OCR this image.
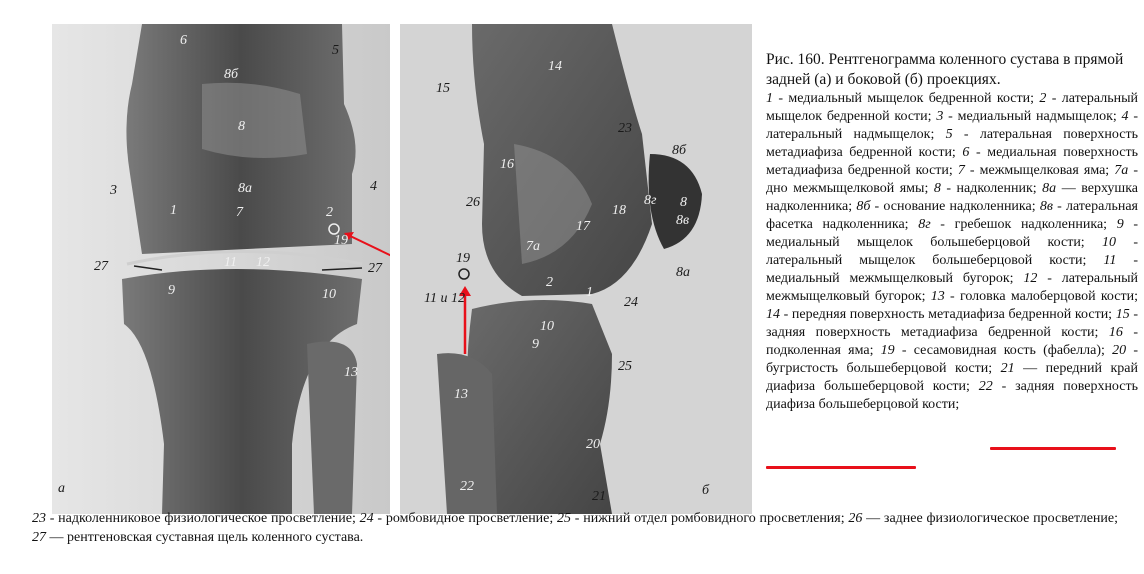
6
5
8б
8
8а
3
1	7	2
4
19
27	11 12	27
9	10
13
а
14
15
23
8б
16
26
18
8г 8
8в
17
7а
19
2
1
8а
11 и 12	24
10
9
25
13
20
22
21	б
Рис. 160. Рентгенограмма коленного сустава в прямой задней (а) и боковой (б) проекциях.
1 - медиальный мыщелок бедренной кости; 2 - латеральный мыщелок бедренной кости; 3 - медиальный надмыщелок; 4 - латеральный надмыщелок; 5 - латеральная поверхность метадиафиза бедренной кости; 6 - медиальная поверхность метадиафиза бедренной кости; 7 - межмыщелковая яма; 7а - дно межмыщелковой ямы; 8 - надколенник; 8а — верхушка надколенника; 8б - основание надколенника; 8в - латеральная фасетка надколенника; 8г - гребешок надколенника; 9 - медиальный мыщелок большеберцовой кости; 10 - латеральный мыщелок большеберцовой кости; 11 - медиальный межмыщелковый бугорок; 12 - латеральный межмыщелковый бугорок; 13 - головка малоберцовой кости; 14 - передняя поверхность метадиафиза бедренной кости; 15 - задняя поверхность метадиафиза бедренной кости; 16 - подколенная яма; 19 - сесамовидная кость (фабелла); 20 - бугристость большеберцовой кости; 21 — передний край диафиза большеберцовой кости; 22 - задняя поверхность диафиза большеберцовой кости;
23 - надколенниковое физиологическое просветление; 24 - ромбовидное просветление; 25 - нижний отдел ромбовидного просветления; 26 — заднее физиологическое просветление; 27 — рентгеновская суставная щель коленного сустава.
